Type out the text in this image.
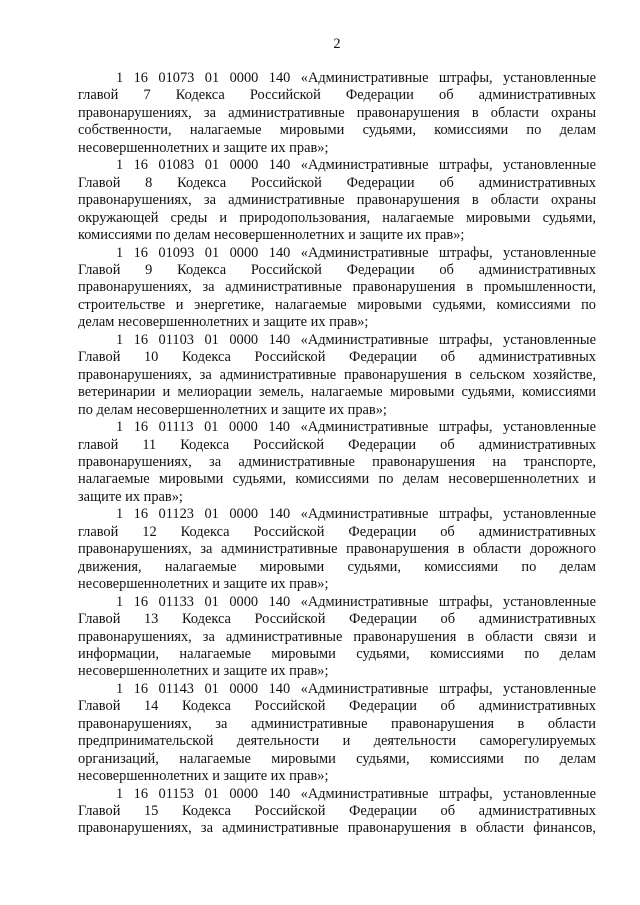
2
1 16 01073 01 0000 140 «Административные штрафы, установленные
главой 7 Кодекса Российской Федерации об административных
правонарушениях, за административные правонарушения в области охраны
собственности, налагаемые мировыми судьями, комиссиями по делам
несовершеннолетних и защите их прав»;
1 16 01083 01 0000 140 «Административные штрафы, установленные
Главой 8 Кодекса Российской Федерации об административных
правонарушениях, за административные правонарушения в области охраны
окружающей среды и природопользования, налагаемые мировыми судьями,
комиссиями по делам несовершеннолетних и защите их прав»;
1 16 01093 01 0000 140 «Административные штрафы, установленные
Главой 9 Кодекса Российской Федерации об административных
правонарушениях, за административные правонарушения в промышленности,
строительстве и энергетике, налагаемые мировыми судьями, комиссиями по
делам несовершеннолетних и защите их прав»;
1 16 01103 01 0000 140 «Административные штрафы, установленные
Главой 10 Кодекса Российской Федерации об административных
правонарушениях, за административные правонарушения в сельском хозяйстве,
ветеринарии и мелиорации земель, налагаемые мировыми судьями, комиссиями
по делам несовершеннолетних и защите их прав»;
1 16 01113 01 0000 140 «Административные штрафы, установленные
главой 11 Кодекса Российской Федерации об административных
правонарушениях, за административные правонарушения на транспорте,
налагаемые мировыми судьями, комиссиями по делам несовершеннолетних и
защите их прав»;
1 16 01123 01 0000 140 «Административные штрафы, установленные
главой 12 Кодекса Российской Федерации об административных
правонарушениях, за административные правонарушения в области дорожного
движения, налагаемые мировыми судьями, комиссиями по делам
несовершеннолетних и защите их прав»;
1 16 01133 01 0000 140 «Административные штрафы, установленные
Главой 13 Кодекса Российской Федерации об административных
правонарушениях, за административные правонарушения в области связи и
информации, налагаемые мировыми судьями, комиссиями по делам
несовершеннолетних и защите их прав»;
1 16 01143 01 0000 140 «Административные штрафы, установленные
Главой 14 Кодекса Российской Федерации об административных
правонарушениях, за административные правонарушения в области
предпринимательской деятельности и деятельности саморегулируемых
организаций, налагаемые мировыми судьями, комиссиями по делам
несовершеннолетних и защите их прав»;
1 16 01153 01 0000 140 «Административные штрафы, установленные
Главой 15 Кодекса Российской Федерации об административных
правонарушениях, за административные правонарушения в области финансов,
